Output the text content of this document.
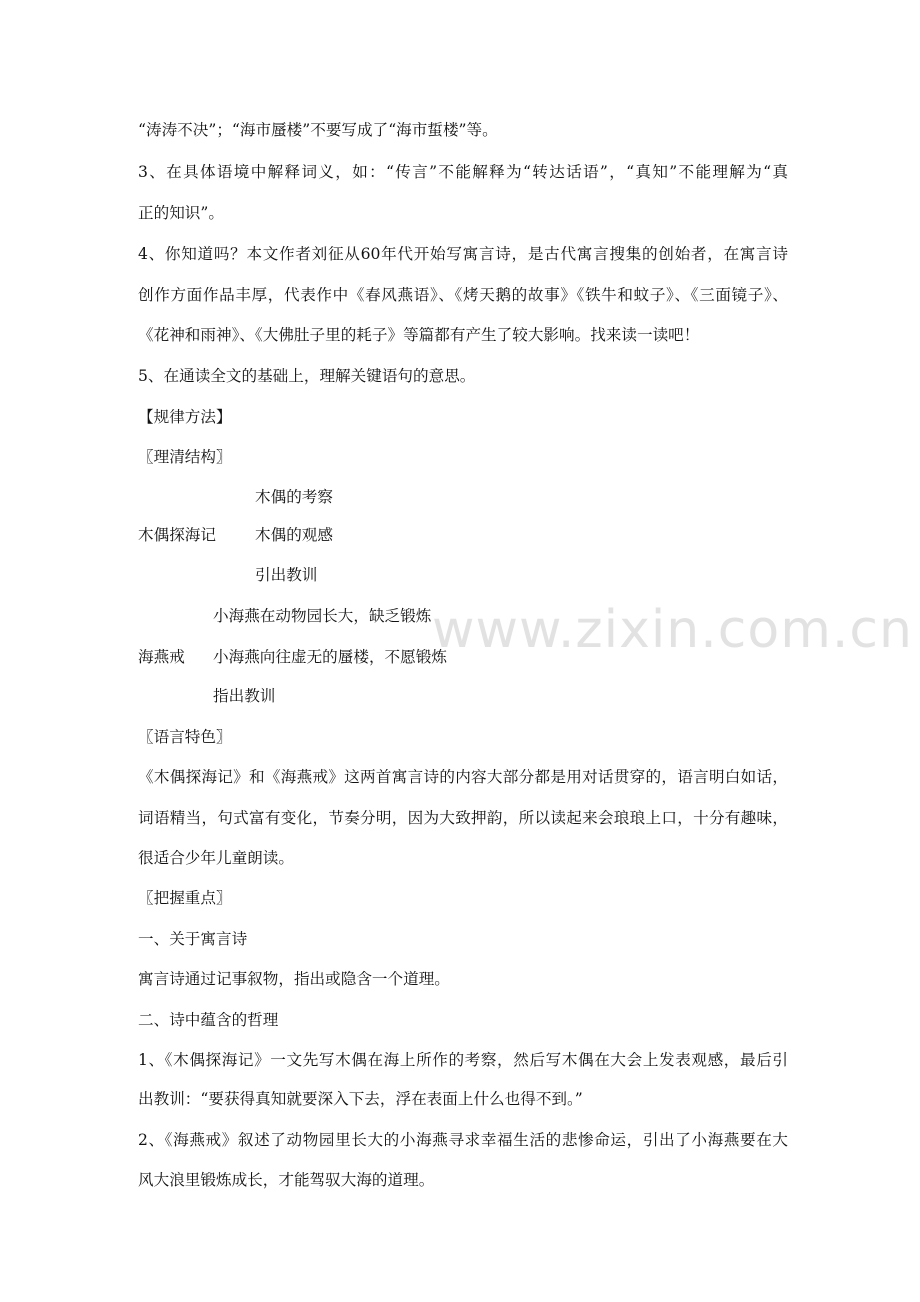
www.zixin.com.cn
“涛涛不决”；“海市蜃楼”不要写成了“海市蜇楼”等。
3、在具体语境中解释词义，如：“传言”不能解释为“转达话语”，“真知”不能理解为“真
正的知识”。
4、你知道吗？本文作者刘征从60年代开始写寓言诗，是古代寓言搜集的创始者，在寓言诗
创作方面作品丰厚，代表作中《春风燕语》、《烤天鹅的故事》《铁牛和蚊子》、《三面镜子》、
《花神和雨神》、《大佛肚子里的耗子》等篇都有产生了较大影响。找来读一读吧！
5、在通读全文的基础上，理解关键语句的意思。
【规律方法】
〖理清结构〗
木偶的考察
木偶探海记	木偶的观感
引出教训
小海燕在动物园长大，缺乏锻炼
海燕戒 小海燕向往虚无的蜃楼，不愿锻炼
指出教训
〖语言特色〗
《木偶探海记》和《海燕戒》这两首寓言诗的内容大部分都是用对话贯穿的，语言明白如话，
词语精当，句式富有变化，节奏分明，因为大致押韵，所以读起来会琅琅上口，十分有趣味，
很适合少年儿童朗读。
〖把握重点〗
一、关于寓言诗
寓言诗通过记事叙物，指出或隐含一个道理。
二、诗中蕴含的哲理
1、《木偶探海记》一文先写木偶在海上所作的考察，然后写木偶在大会上发表观感，最后引
出教训：“要获得真知就要深入下去，浮在表面上什么也得不到。”
2、《海燕戒》叙述了动物园里长大的小海燕寻求幸福生活的悲惨命运，引出了小海燕要在大
风大浪里锻炼成长，才能驾驭大海的道理。
